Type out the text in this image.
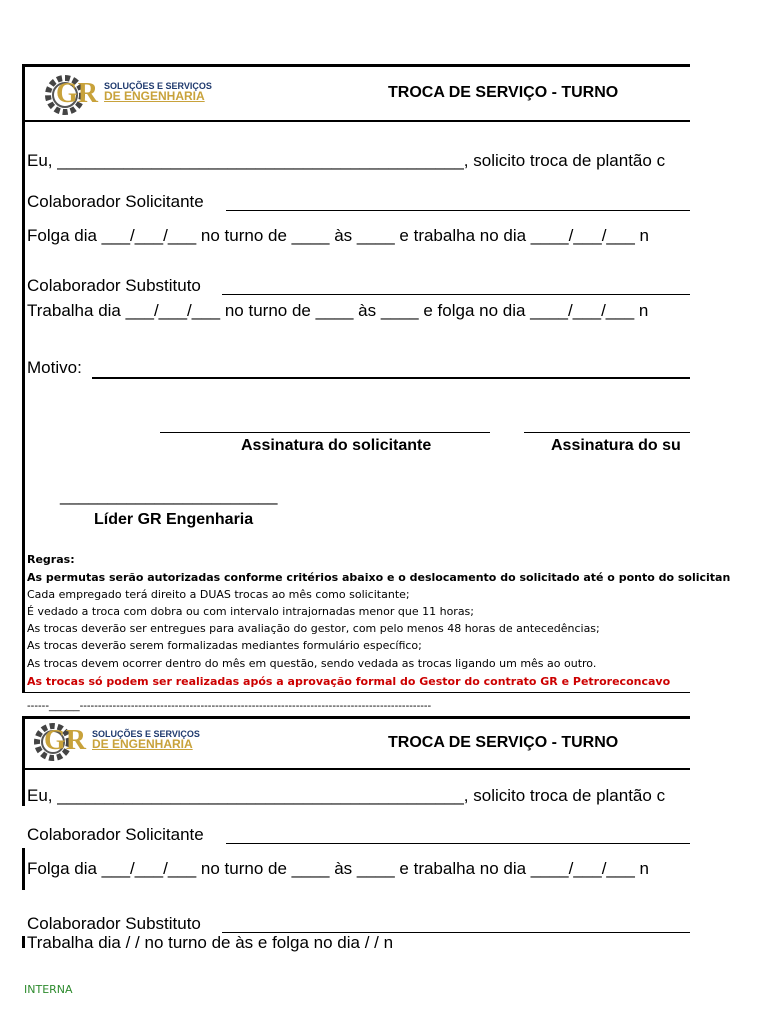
GR SOLUÇÕES E SERVIÇOS
DE ENGENHARIA	TROCA DE SERVIÇO - TURNO
Eu, ___________________________________________, solicito troca de plantão c
Colaborador Solicitante
Folga dia ___/___/___ no turno de ____ às ____ e trabalha no dia ____/___/___ n
Colaborador Substituto
Trabalha dia ___/___/___ no turno de ____ às ____ e folga no dia ____/___/___ n
Motivo:
Assinatura do solicitante	Assinatura do su
_______________________
Líder GR Engenharia
Regras:
As permutas serão autorizadas conforme critérios abaixo e o deslocamento do solicitado até o ponto do solicitan
Cada empregado terá direito a DUAS trocas ao mês como solicitante;
É vedado a troca com dobra ou com intervalo intrajornadas menor que 11 horas;
As trocas deverão ser entregues para avaliação do gestor, com pelo menos 48 horas de antecedências;
As trocas deverão serem formalizadas mediantes formulário específico;
As trocas devem ocorrer dentro do mês em questão, sendo vedada as trocas ligando um mês ao outro.
As trocas só podem ser realizadas após a aprovação formal do Gestor do contrato GR e Petroreconcavo
------_____------------------------------------------------------------------------------------------------
GR SOLUÇÕES E SERVIÇOS
DE ENGENHARIA	TROCA DE SERVIÇO - TURNO
Eu, ___________________________________________, solicito troca de plantão c
Colaborador Solicitante
Folga dia ___/___/___ no turno de ____ às ____ e trabalha no dia ____/___/___ n
Colaborador Substituto
Trabalha dia / / no turno de às e folga no dia / / n
INTERNA
